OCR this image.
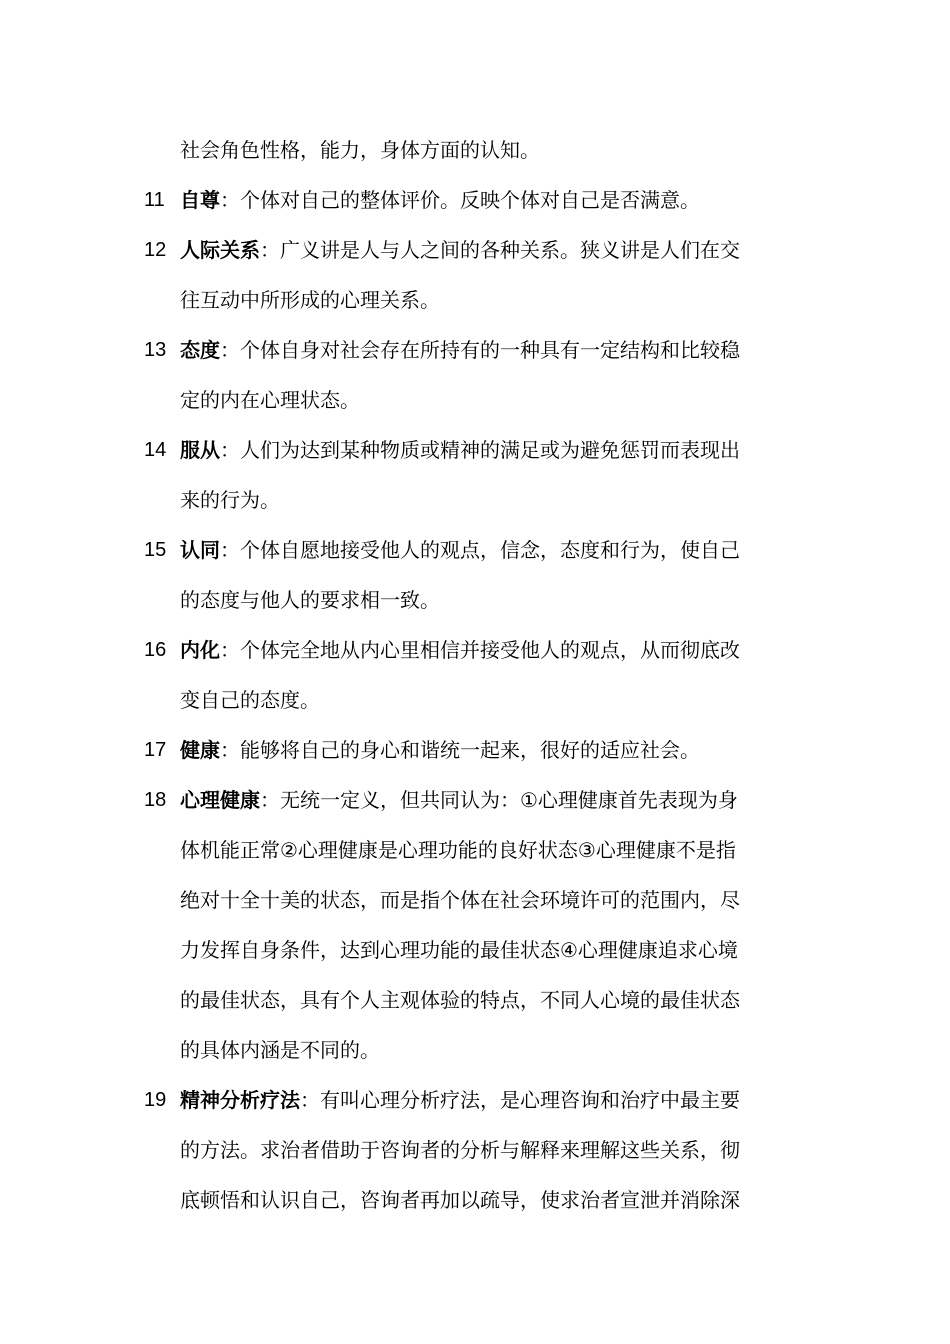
社会角色性格，能力，身体方面的认知。
11 自尊：个体对自己的整体评价。反映个体对自己是否满意。
12 人际关系：广义讲是人与人之间的各种关系。狭义讲是人们在交
往互动中所形成的心理关系。
13 态度：个体自身对社会存在所持有的一种具有一定结构和比较稳
定的内在心理状态。
14 服从：人们为达到某种物质或精神的满足或为避免惩罚而表现出
来的行为。
15 认同：个体自愿地接受他人的观点，信念，态度和行为，使自己
的态度与他人的要求相一致。
16 内化：个体完全地从内心里相信并接受他人的观点，从而彻底改
变自己的态度。
17 健康：能够将自己的身心和谐统一起来，很好的适应社会。
18 心理健康：无统一定义，但共同认为：①心理健康首先表现为身
体机能正常②心理健康是心理功能的良好状态③心理健康不是指
绝对十全十美的状态，而是指个体在社会环境许可的范围内，尽
力发挥自身条件，达到心理功能的最佳状态④心理健康追求心境
的最佳状态，具有个人主观体验的特点，不同人心境的最佳状态
的具体内涵是不同的。
19 精神分析疗法：有叫心理分析疗法，是心理咨询和治疗中最主要
的方法。求治者借助于咨询者的分析与解释来理解这些关系，彻
底顿悟和认识自己，咨询者再加以疏导，使求治者宣泄并消除深
